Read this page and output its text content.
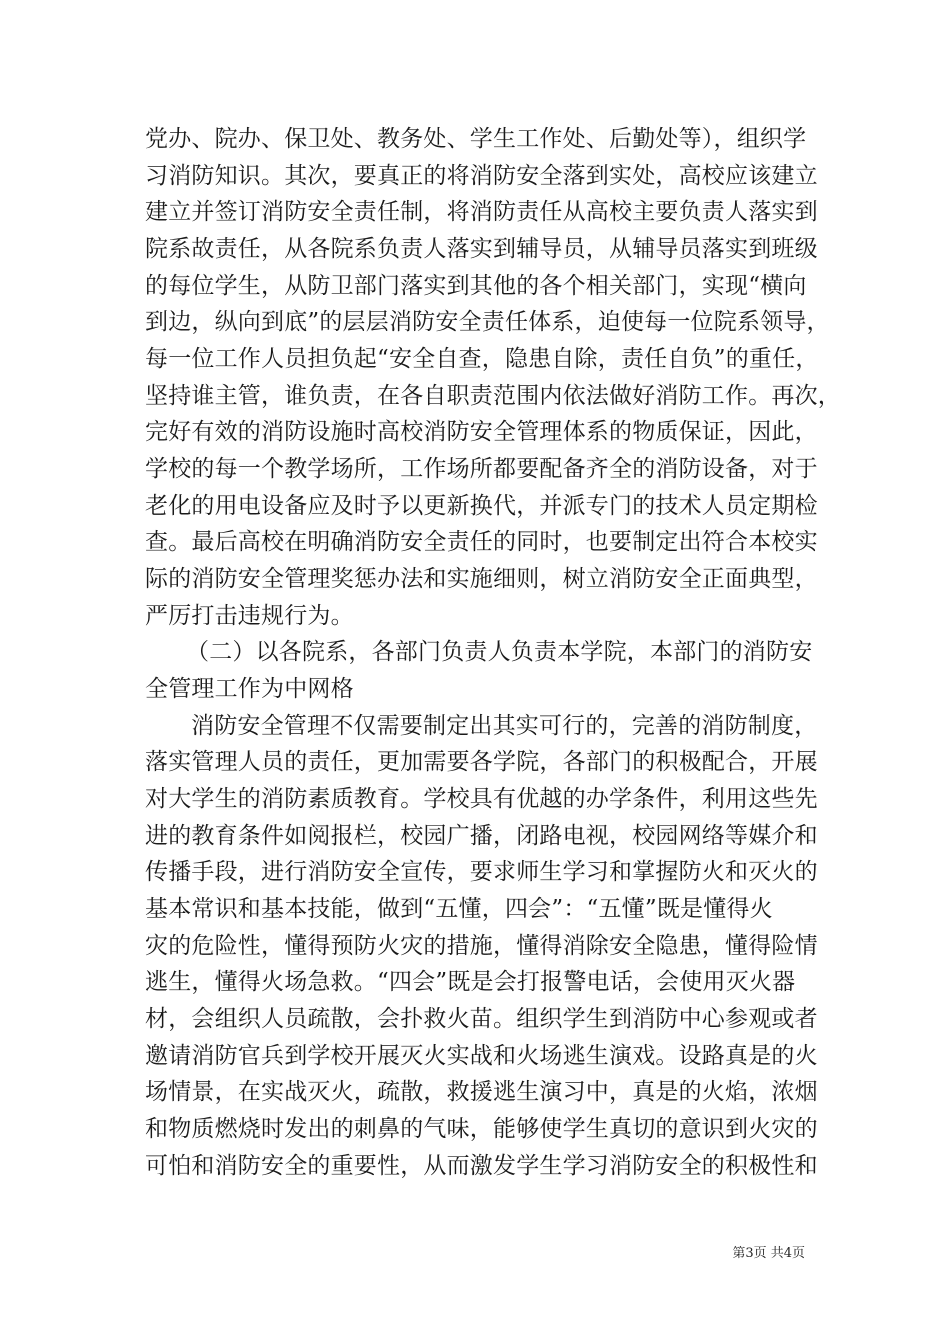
党办、院办、保卫处、教务处、学生工作处、后勤处等），组织学
习消防知识。其次，要真正的将消防安全落到实处，高校应该建立
建立并签订消防安全责任制，将消防责任从高校主要负责人落实到
院系故责任，从各院系负责人落实到辅导员，从辅导员落实到班级
的每位学生，从防卫部门落实到其他的各个相关部门，实现“横向
到边，纵向到底”的层层消防安全责任体系，迫使每一位院系领导，
每一位工作人员担负起“安全自查，隐患自除，责任自负”的重任，
坚持谁主管，谁负责，在各自职责范围内依法做好消防工作。再次，
完好有效的消防设施时高校消防安全管理体系的物质保证，因此，
学校的每一个教学场所，工作场所都要配备齐全的消防设备，对于
老化的用电设备应及时予以更新换代，并派专门的技术人员定期检
查。最后高校在明确消防安全责任的同时，也要制定出符合本校实
际的消防安全管理奖惩办法和实施细则，树立消防安全正面典型，
严厉打击违规行为。
（二）以各院系，各部门负责人负责本学院，本部门的消防安
全管理工作为中网格
消防安全管理不仅需要制定出其实可行的，完善的消防制度，
落实管理人员的责任，更加需要各学院，各部门的积极配合，开展
对大学生的消防素质教育。学校具有优越的办学条件，利用这些先
进的教育条件如阅报栏，校园广播，闭路电视，校园网络等媒介和
传播手段，进行消防安全宣传，要求师生学习和掌握防火和灭火的
基本常识和基本技能，做到“五懂，四会”：“五懂”既是懂得火
灾的危险性，懂得预防火灾的措施，懂得消除安全隐患，懂得险情
逃生，懂得火场急救。“四会”既是会打报警电话，会使用灭火器
材，会组织人员疏散，会扑救火苗。组织学生到消防中心参观或者
邀请消防官兵到学校开展灭火实战和火场逃生演戏。设路真是的火
场情景，在实战灭火，疏散，救援逃生演习中，真是的火焰，浓烟
和物质燃烧时发出的刺鼻的气味，能够使学生真切的意识到火灾的
可怕和消防安全的重要性，从而激发学生学习消防安全的积极性和
第3页 共4页
